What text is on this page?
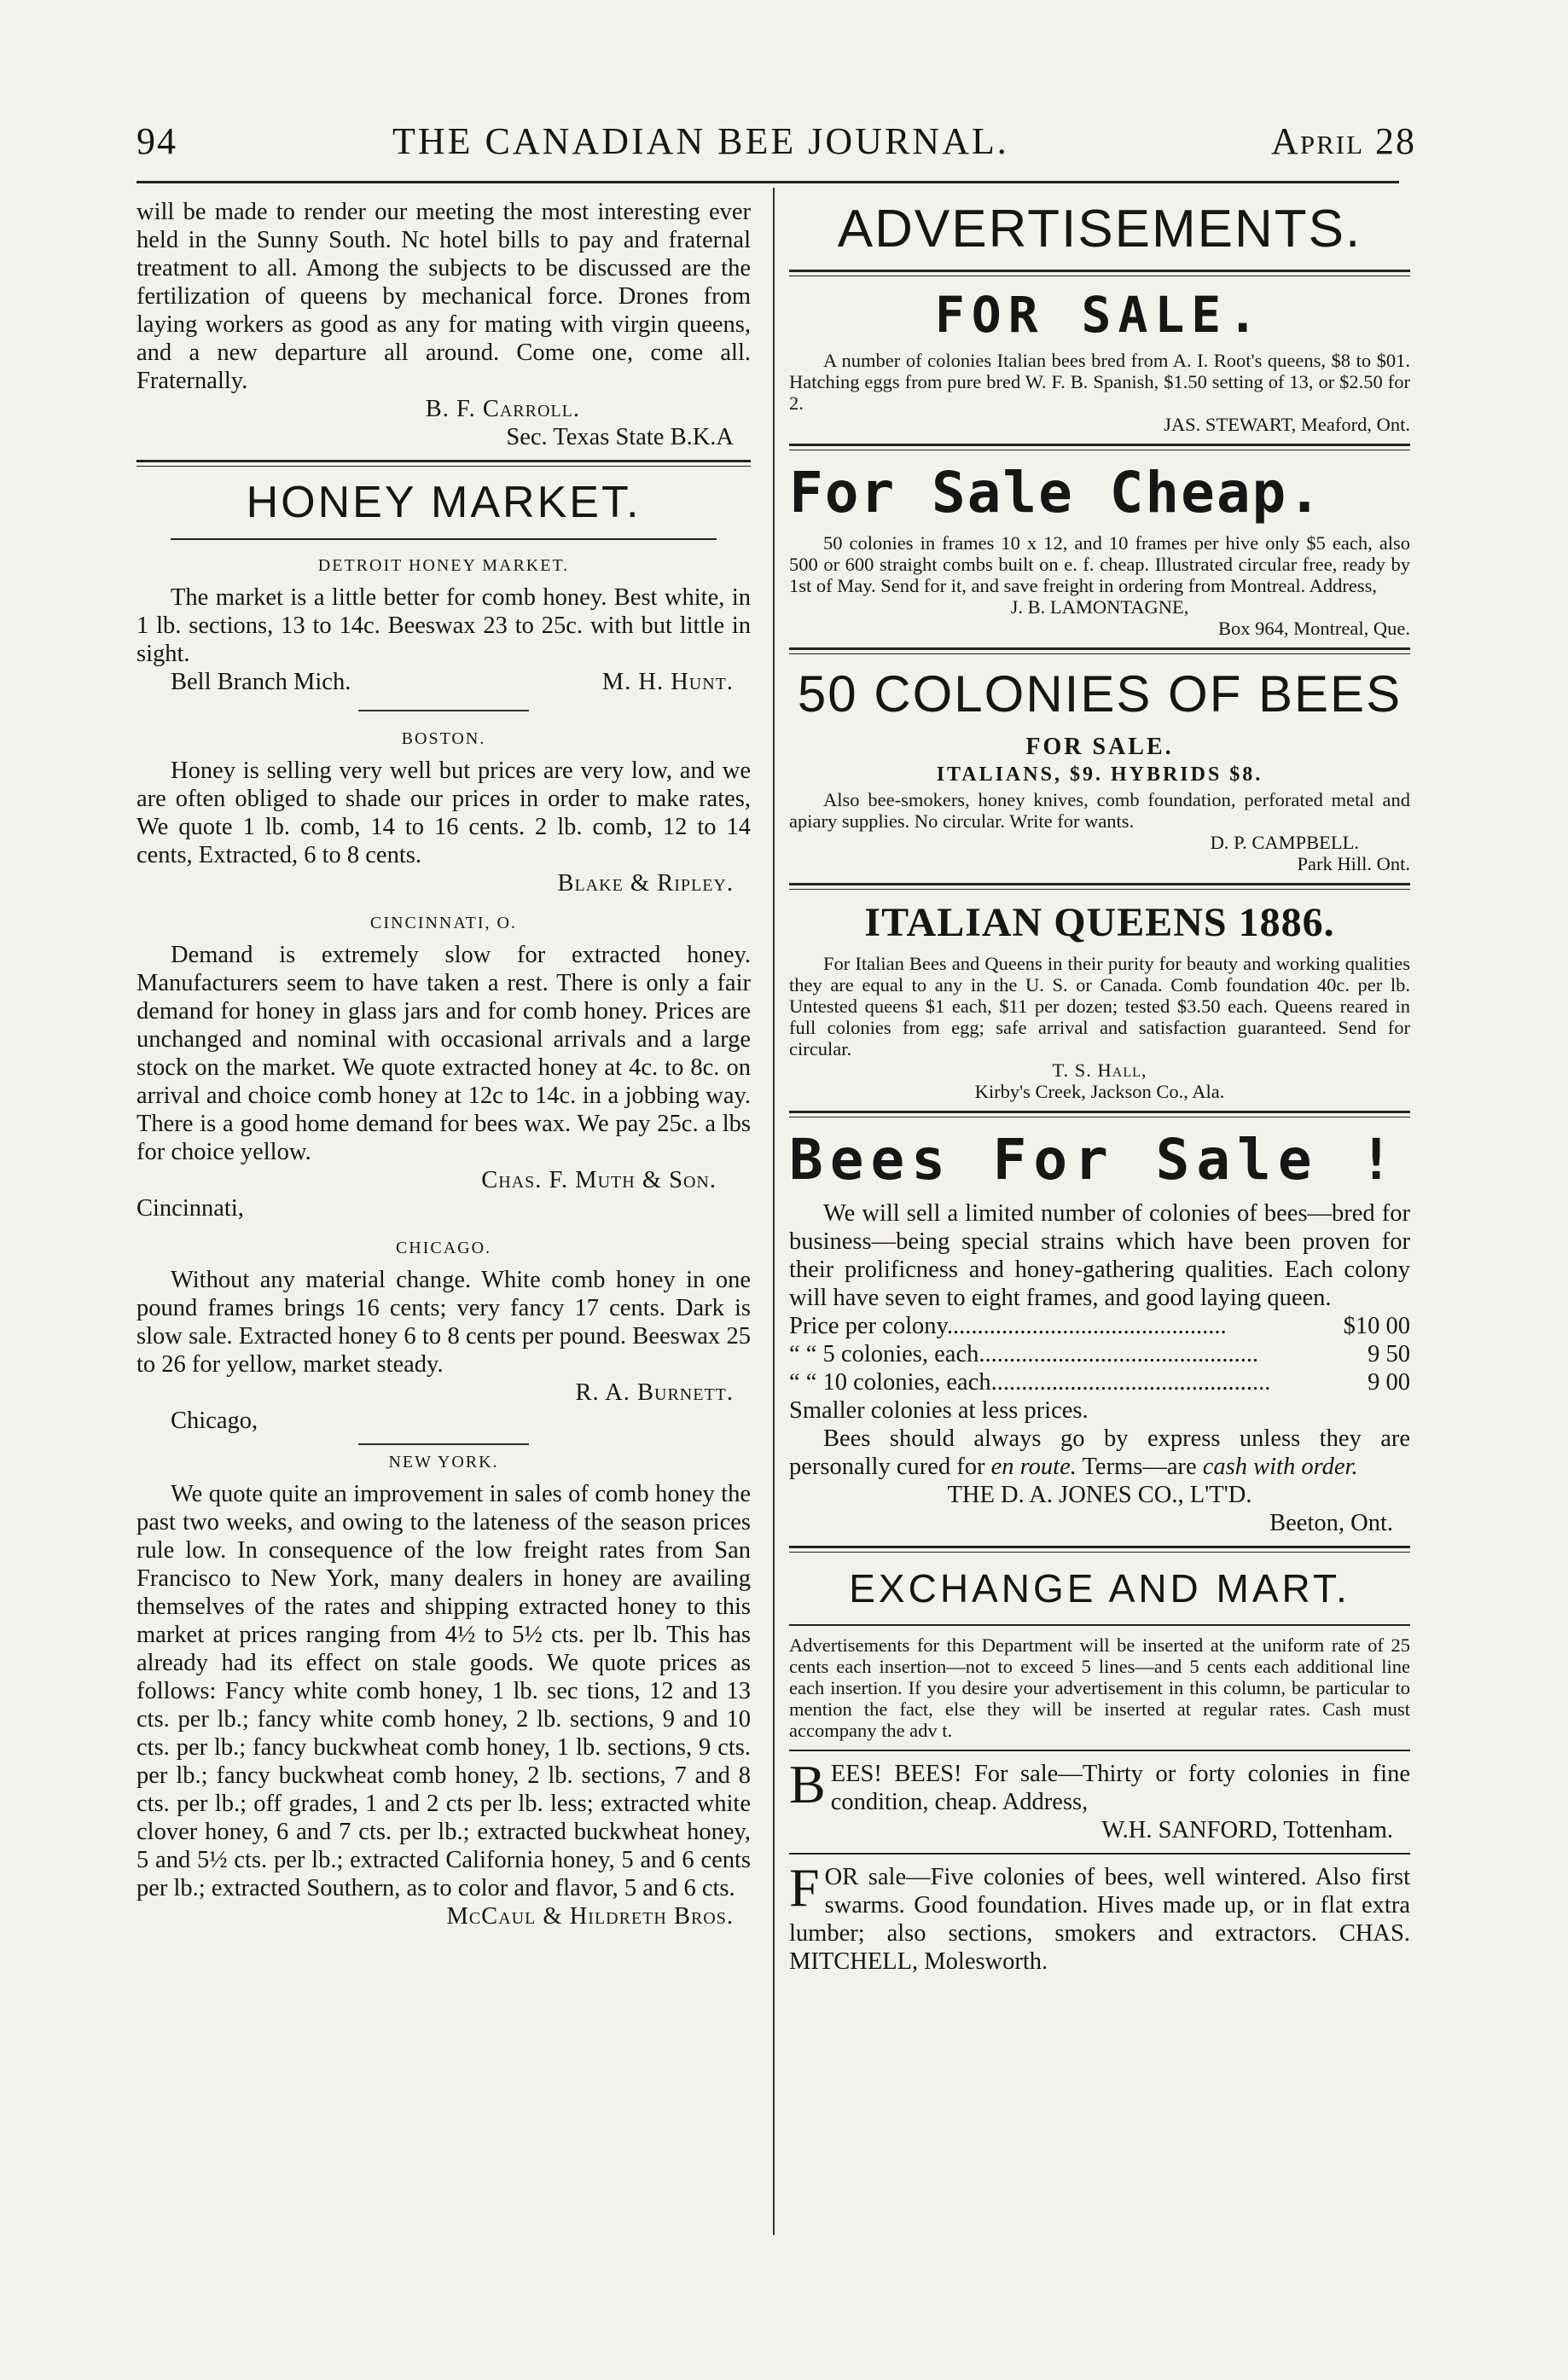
94	THE CANADIAN BEE JOURNAL.	April 28

will be made to render our meeting the most interesting ever held in the Sunny South. Nc hotel bills to pay and fraternal treatment to all. Among the subjects to be discussed are the fertilization of queens by mechanical force. Drones from laying workers as good as any for mating with virgin queens, and a new departure all around. Come one, come all. Fraternally.

B. F. Carroll.

Sec. Texas State B.K.A

HONEY MARKET.
DETROIT HONEY MARKET.

The market is a little better for comb honey. Best white, in 1 lb. sections, 13 to 14c. Beeswax 23 to 25c. with but little in sight.

Bell Branch Mich.	M. H. Hunt.

BOSTON.

Honey is selling very well but prices are very low, and we are often obliged to shade our prices in order to make rates, We quote 1 lb. comb, 14 to 16 cents. 2 lb. comb, 12 to 14 cents, Extracted, 6 to 8 cents.

Blake & Ripley.

CINCINNATI, O.

Demand is extremely slow for extracted honey. Manufacturers seem to have taken a rest. There is only a fair demand for honey in glass jars and for comb honey. Prices are unchanged and nominal with occasional arrivals and a large stock on the market. We quote extracted honey at 4c. to 8c. on arrival and choice comb honey at 12c to 14c. in a jobbing way. There is a good home demand for bees wax. We pay 25c. a lbs for choice yellow.

Chas. F. Muth & Son.

Cincinnati,

CHICAGO.

Without any material change. White comb honey in one pound frames brings 16 cents; very fancy 17 cents. Dark is slow sale. Extracted honey 6 to 8 cents per pound. Beeswax 25 to 26 for yellow, market steady.

R. A. Burnett.

Chicago,

NEW YORK.

We quote quite an improvement in sales of comb honey the past two weeks, and owing to the lateness of the season prices rule low. In consequence of the low freight rates from San Francisco to New York, many dealers in honey are availing themselves of the rates and shipping extracted honey to this market at prices ranging from 4½ to 5½ cts. per lb. This has already had its effect on stale goods. We quote prices as follows: Fancy white comb honey, 1 lb. sec tions, 12 and 13 cts. per lb.; fancy white comb honey, 2 lb. sections, 9 and 10 cts. per lb.; fancy buckwheat comb honey, 1 lb. sections, 9 cts. per lb.; fancy buckwheat comb honey, 2 lb. sections, 7 and 8 cts. per lb.; off grades, 1 and 2 cts per lb. less; extracted white clover honey, 6 and 7 cts. per lb.; extracted buckwheat honey, 5 and 5½ cts. per lb.; extracted California honey, 5 and 6 cents per lb.; extracted Southern, as to color and flavor, 5 and 6 cts.

McCaul & Hildreth Bros.

ADVERTISEMENTS.
FOR SALE.

A number of colonies Italian bees bred from A. I. Root's queens, $8 to $01. Hatching eggs from pure bred W. F. B. Spanish, $1.50 setting of 13, or $2.50 for 2.

JAS. STEWART, Meaford, Ont.

For Sale Cheap.

50 colonies in frames 10 x 12, and 10 frames per hive only $5 each, also 500 or 600 straight combs built on e. f. cheap. Illustrated circular free, ready by 1st of May. Send for it, and save freight in ordering from Montreal. Address,

J. B. LAMONTAGNE,

Box 964, Montreal, Que.

50 COLONIES OF BEES
FOR SALE.
ITALIANS, $9. HYBRIDS $8.

Also bee-smokers, honey knives, comb foundation, perforated metal and apiary supplies. No circular. Write for wants.

D. P. CAMPBELL.

Park Hill. Ont.

ITALIAN QUEENS 1886.

For Italian Bees and Queens in their purity for beauty and working qualities they are equal to any in the U. S. or Canada. Comb foundation 40c. per lb. Untested queens $1 each, $11 per dozen; tested $3.50 each. Queens reared in full colonies from egg; safe arrival and satisfaction guaranteed. Send for circular.

T. S. Hall,

Kirby's Creek, Jackson Co., Ala.

Bees For Sale !

We will sell a limited number of colonies of bees—bred for business—being special strains which have been proven for their prolificness and honey-gathering qualities. Each colony will have seven to eight frames, and good laying queen.

Price per colony..............................................	$10 00
“ “ 5 colonies, each..............................................	9 50
“ “ 10 colonies, each..............................................	9 00

Smaller colonies at less prices.

Bees should always go by express unless they are personally cured for en route. Terms—are cash with order.

THE D. A. JONES CO., L'T'D.

Beeton, Ont.

EXCHANGE AND MART.

Advertisements for this Department will be inserted at the uniform rate of 25 cents each insertion—not to exceed 5 lines—and 5 cents each additional line each insertion. If you desire your advertisement in this column, be particular to mention the fact, else they will be inserted at regular rates. Cash must accompany the adv t.

B EES! BEES! For sale—Thirty or forty colonies in fine condition, cheap. Address,

W.H. SANFORD, Tottenham.

F OR sale—Five colonies of bees, well wintered. Also first swarms. Good foundation. Hives made up, or in flat extra lumber; also sections, smokers and extractors. CHAS. MITCHELL, Molesworth.
